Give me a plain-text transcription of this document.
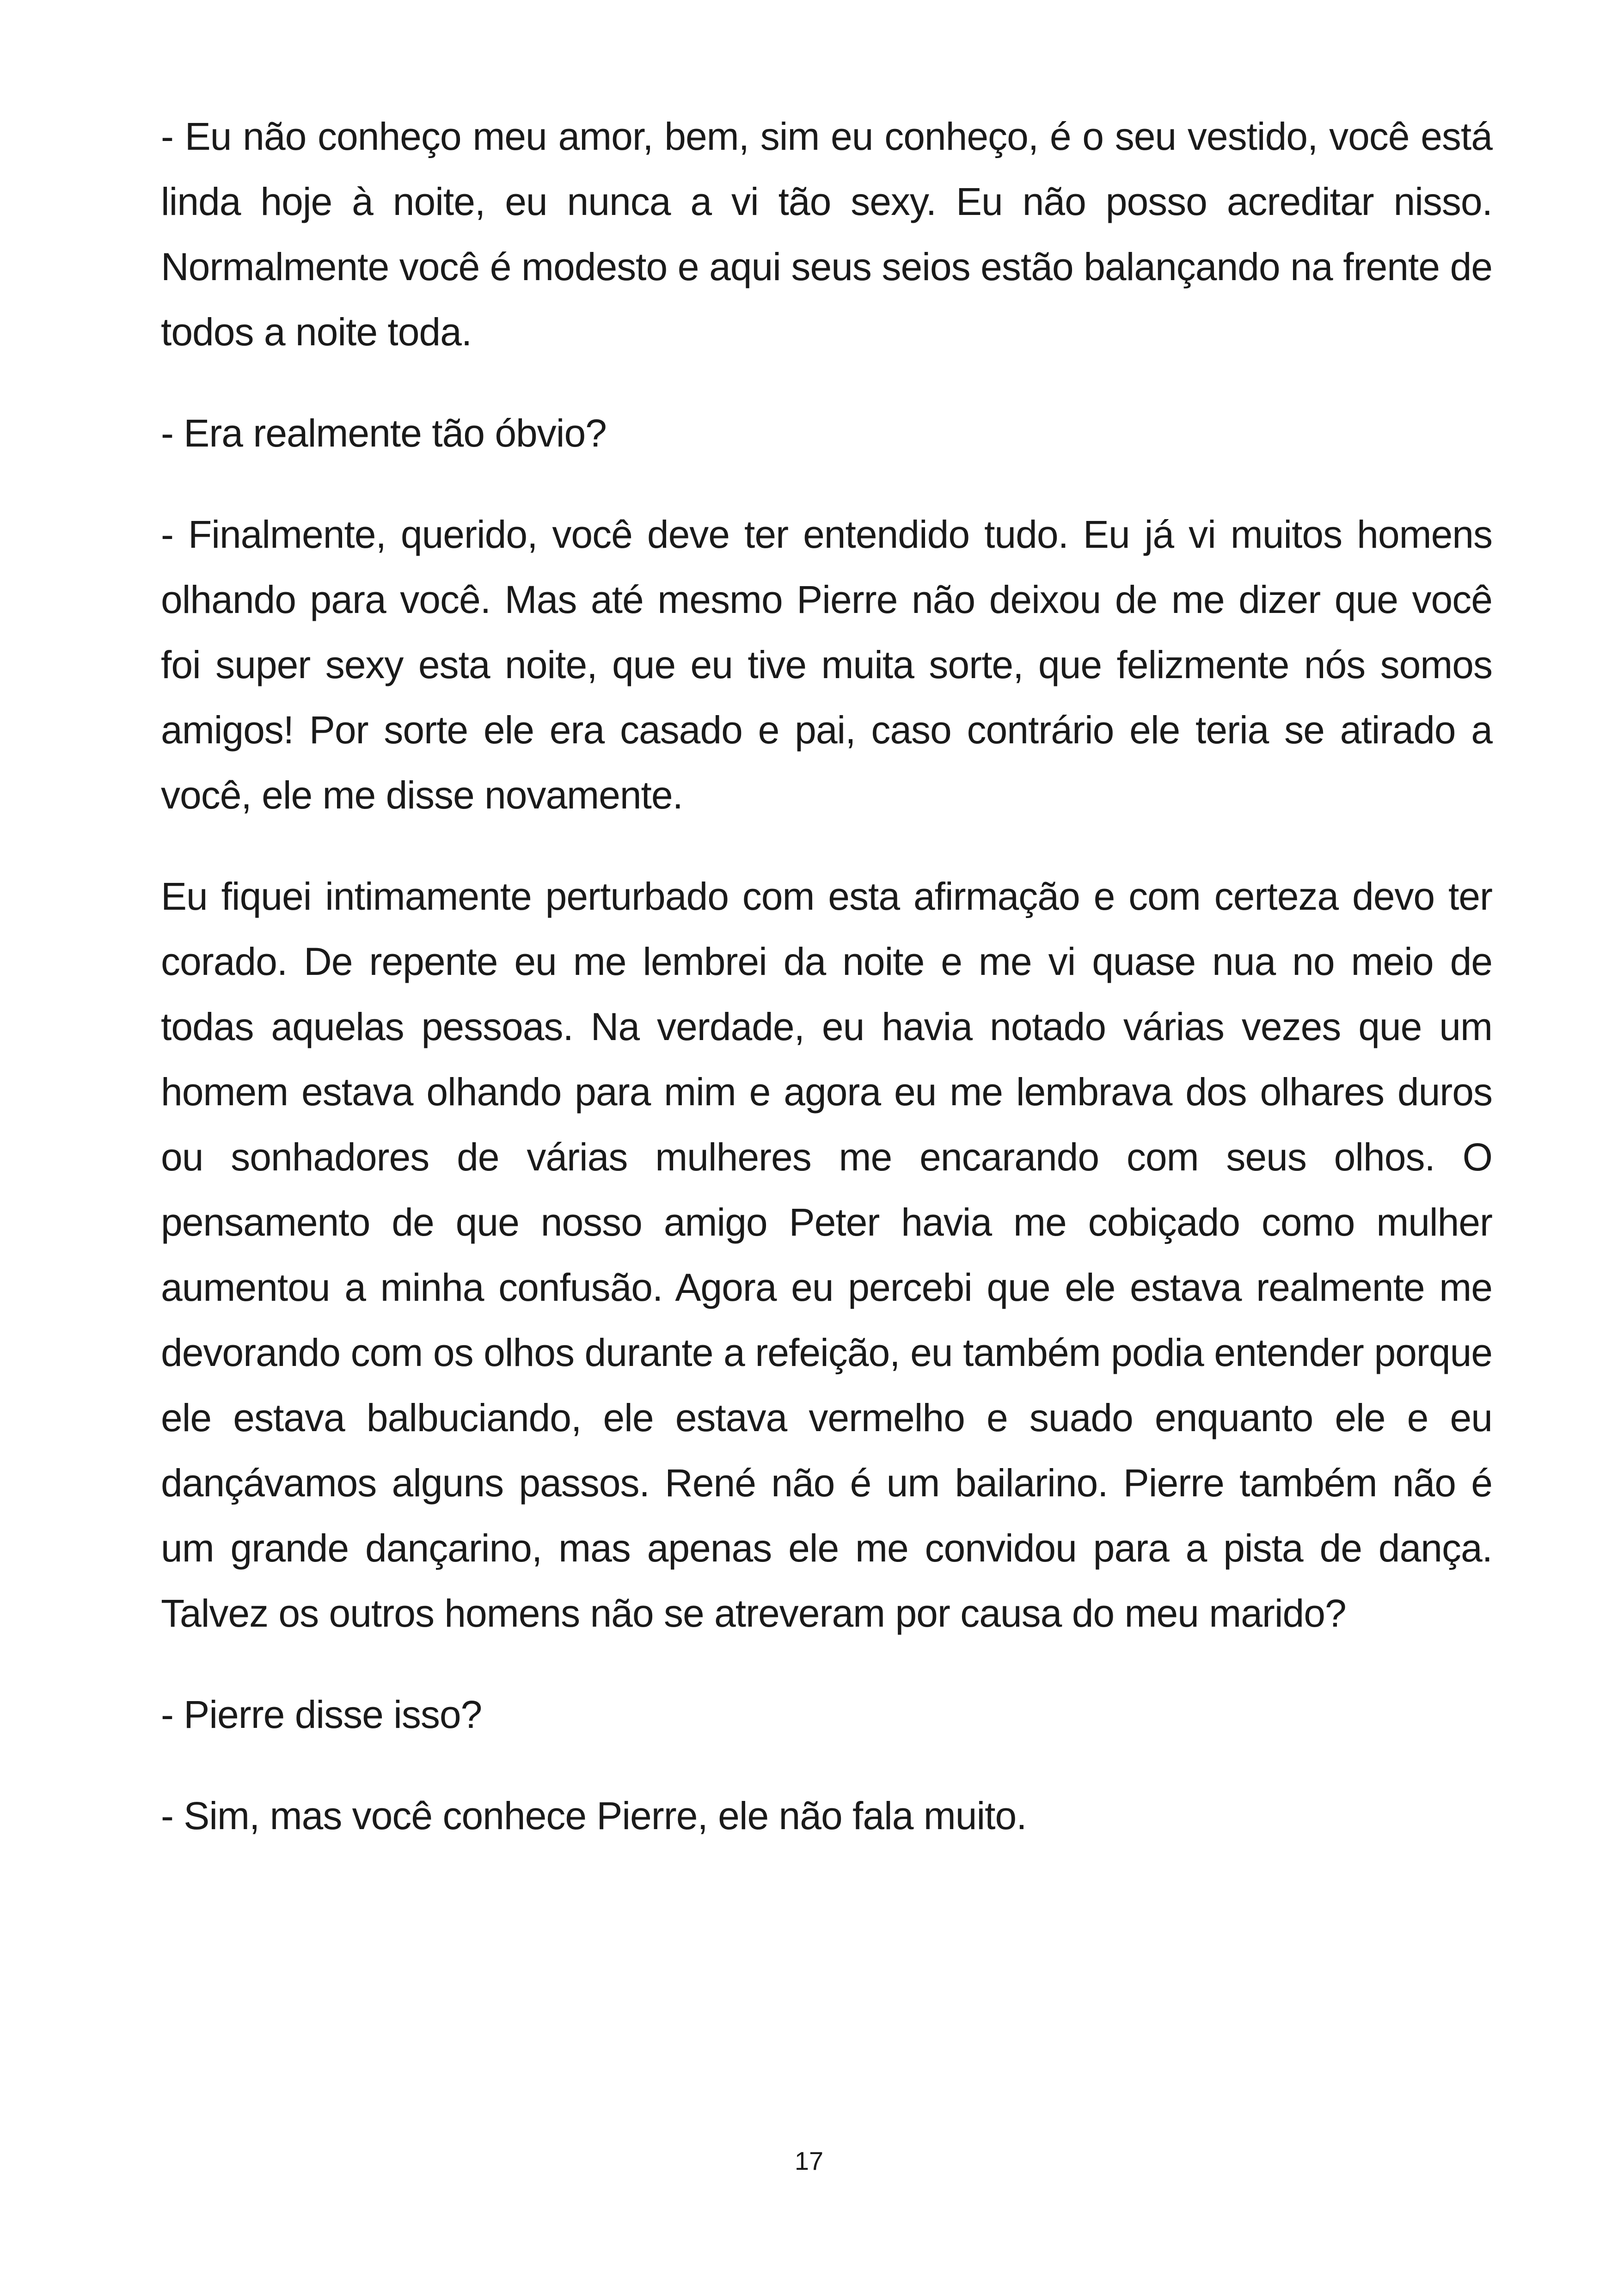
- Eu não conheço meu amor, bem, sim eu conheço, é o seu vestido, você está linda hoje à noite, eu nunca a vi tão sexy. Eu não posso acreditar nisso. Normalmente você é modesto e aqui seus seios estão balançando na frente de todos a noite toda.

- Era realmente tão óbvio?

- Finalmente, querido, você deve ter entendido tudo. Eu já vi muitos homens olhando para você. Mas até mesmo Pierre não deixou de me dizer que você foi super sexy esta noite, que eu tive muita sorte, que felizmente nós somos amigos! Por sorte ele era casado e pai, caso contrário ele teria se atirado a você, ele me disse novamente.

Eu fiquei intimamente perturbado com esta afirmação e com certeza devo ter corado. De repente eu me lembrei da noite e me vi quase nua no meio de todas aquelas pessoas. Na verdade, eu havia notado várias vezes que um homem estava olhando para mim e agora eu me lembrava dos olhares duros ou sonhadores de várias mulheres me encarando com seus olhos. O pensamento de que nosso amigo Peter havia me cobiçado como mulher aumentou a minha confusão. Agora eu percebi que ele estava realmente me devorando com os olhos durante a refeição, eu também podia entender porque ele estava balbuciando, ele estava vermelho e suado enquanto ele e eu dançávamos alguns passos. René não é um bailarino. Pierre também não é um grande dançarino, mas apenas ele me convidou para a pista de dança. Talvez os outros homens não se atreveram por causa do meu marido?

- Pierre disse isso?

- Sim, mas você conhece Pierre, ele não fala muito.

17
